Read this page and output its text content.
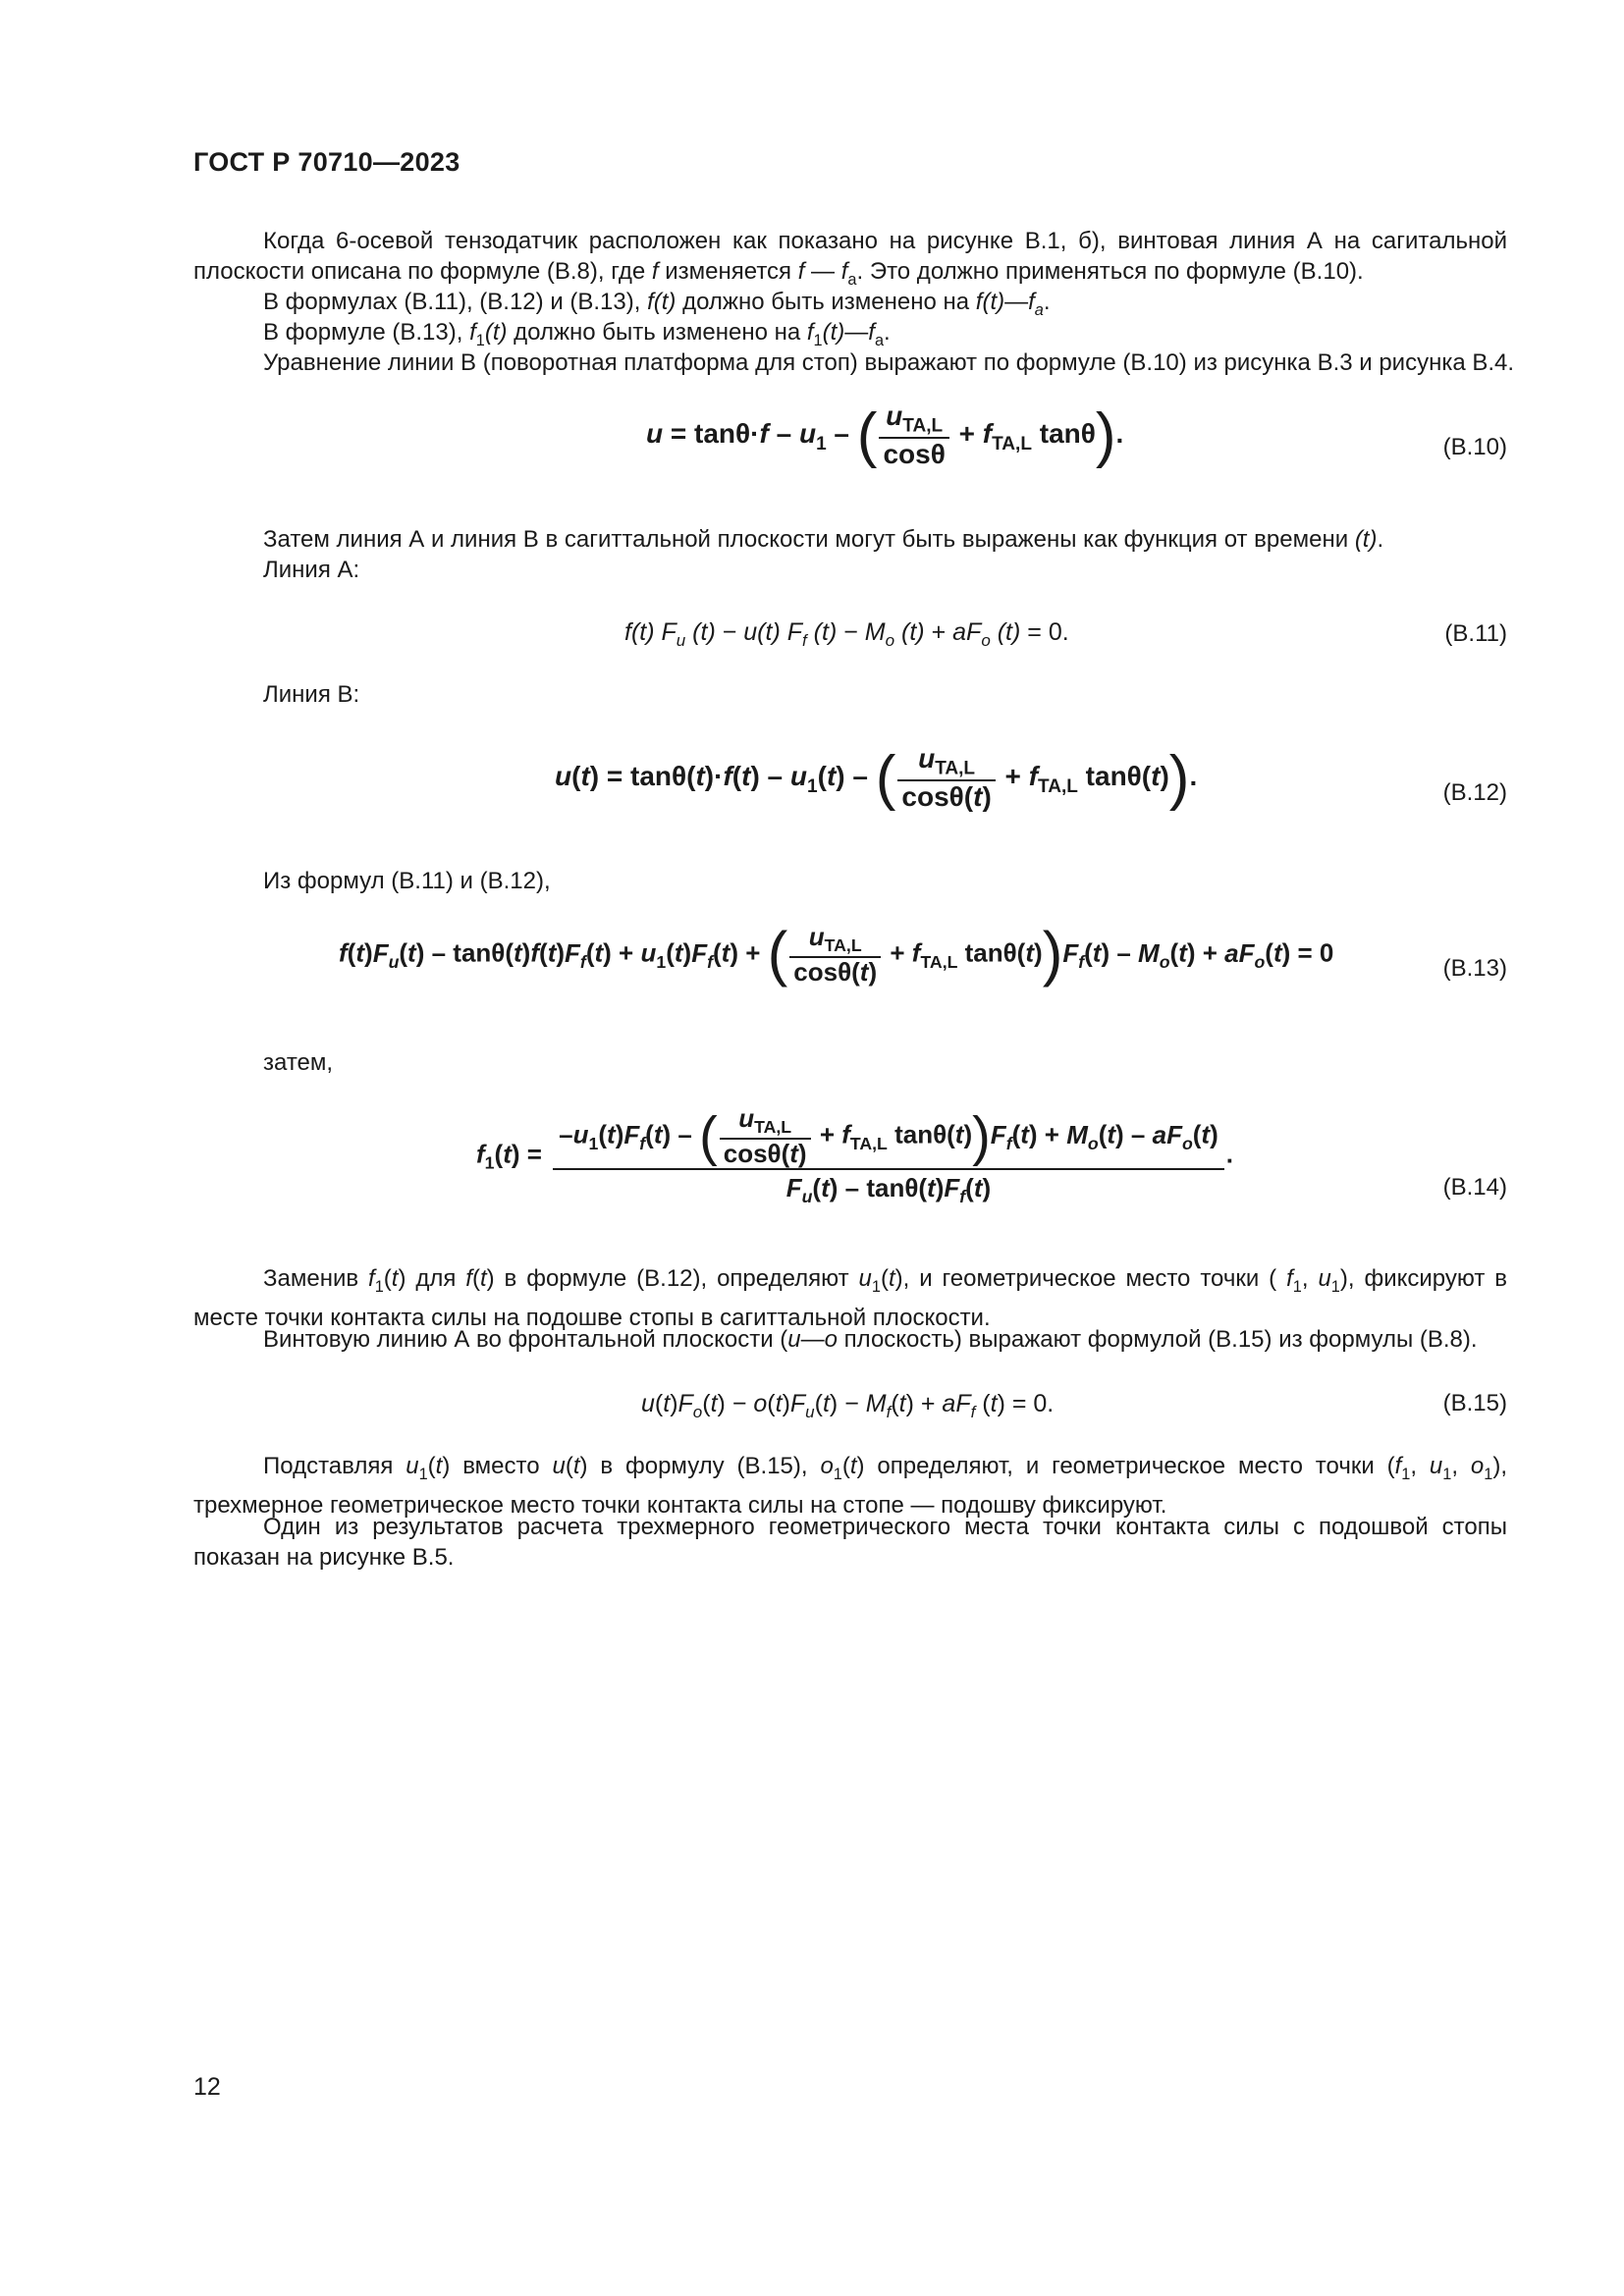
ГОСТ Р 70710—2023

Когда 6-осевой тензодатчик расположен как показано на рисунке В.1, б), винтовая линия А на сагитальной плоскости описана по формуле (В.8), где f изменяется f — $f_a$. Это должно применяться по формуле (В.10).

В формулах (В.11), (В.12) и (В.13), f(t) должно быть изменено на $f(t)—f_a$.
В формуле (В.13), $f_1(t)$ должно быть изменено на $f_1(t)—f_a$.
Уравнение линии В (поворотная платформа для стоп) выражают по формуле (В.10) из рисунка В.3 и рисунка В.4.
$u = \tan\theta\cdot f - u_1$ – ( $\frac{u_{TA,L}}{\cos\theta} + f_{TA,L}$ tanθ).	(В.10)
Затем линия А и линия В в сагиттальной плоскости могут быть выражены как функция от времени (t).
Линия А:
f(t) $F_u$ (t) − u(t) $F_f$ $(t) - M_o$ $(t) + aF_o$ (t) = 0.	(В.11)
Линия В:
$u(t) = \tan\theta(t)\cdot f(t) - u_1(t)$ – ( $\frac{u_{TA,L}}{\cos\theta(t)} + f_{TA,L}$ tanθ(t)).
(В.12)
Из формул (В.11) и (В.12),
$f(t)F_u(t) - \tan\theta(t)f(t)F_f(t) + u_1(t)F_f(t)$ + ( $\frac{u_{TA,L}}{\cos\theta(t)} + f_{TA,L}$ $\tan\theta(t))F_f(t) - M_o(t) + aF_o(t) = 0$
(В.13)
затем,
$f_1(t)$ =
$-u_1(t)F_f(t)$ – ( $\frac{u_{TA,L}}{\cos\theta(t)} + f_{TA,L}$ $\tan\theta(t))F_f(t) + M_o(t) - aF_o(t)$
$F_u(t) - \tan\theta(t)F_f(t)$
.
(В.14)

Заменив $f_1(t)$ для f(t) в формуле (В.12), определяют $u_1(t)$, и геометрическое место точки ( $f_1$, $u_1$), фиксируют в месте точки контакта силы на подошве стопы в сагиттальной плоскости.

Винтовую линию А во фронтальной плоскости (u—o плоскость) выражают формулой (В.15) из формулы (В.8).
$u(t)F_o(t) - o(t)F_u(t) - M_f(t) + aF_f$ (t) = 0.	(В.15)

Подставляя $u_1(t)$ вместо u(t) в формулу (В.15), $o_1(t)$ определяют, и геометрическое место точки ($f_1$, $u_1$, $o_1$), трехмерное геометрическое место точки контакта силы на стопе — подошву фиксируют.

Один из результатов расчета трехмерного геометрического места точки контакта силы с подошвой стопы показан на рисунке В.5.

12
